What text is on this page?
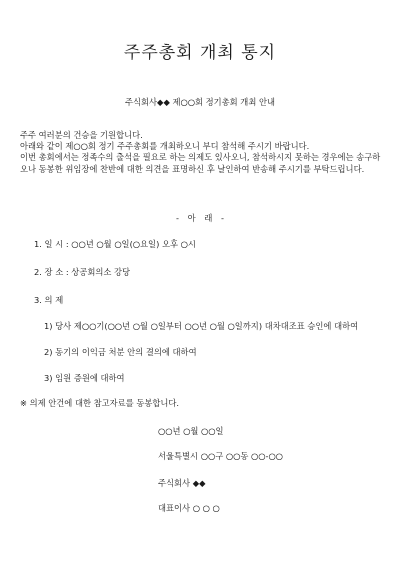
주주총회 개최 통지
주식회사◆◆ 제○○회 정기총회 개최 안내

주주 여러분의 건승을 기원합니다.

아래와 같이 제○○회 정기 주주총회를 개최하오니 부디 참석해 주시기 바랍니다.

이번 총회에서는 정족수의 출석을 필요로 하는 의제도 있사오니, 참석하시지 못하는 경우에는 송구하오나 동봉한 위임장에 찬반에 대한 의견을 표명하신 후 날인하여 반송해 주시기를 부탁드립니다.

- 아 래 -
1. 일 시 : ○○년 ○월 ○일(○요일) 오후 ○시
2. 장 소 : 상공회의소 강당
3. 의 제
1) 당사 제○○기(○○년 ○월 ○일부터 ○○년 ○월 ○일까지) 대차대조표 승인에 대하여
2) 동기의 이익금 처분 안의 결의에 대하여
3) 임원 증원에 대하여
※ 의제 안건에 대한 참고자료를 동봉합니다.
○○년 ○월 ○○일
서울특별시 ○○구 ○○동 ○○-○○
주식회사 ◆◆
대표이사 ○ ○ ○
